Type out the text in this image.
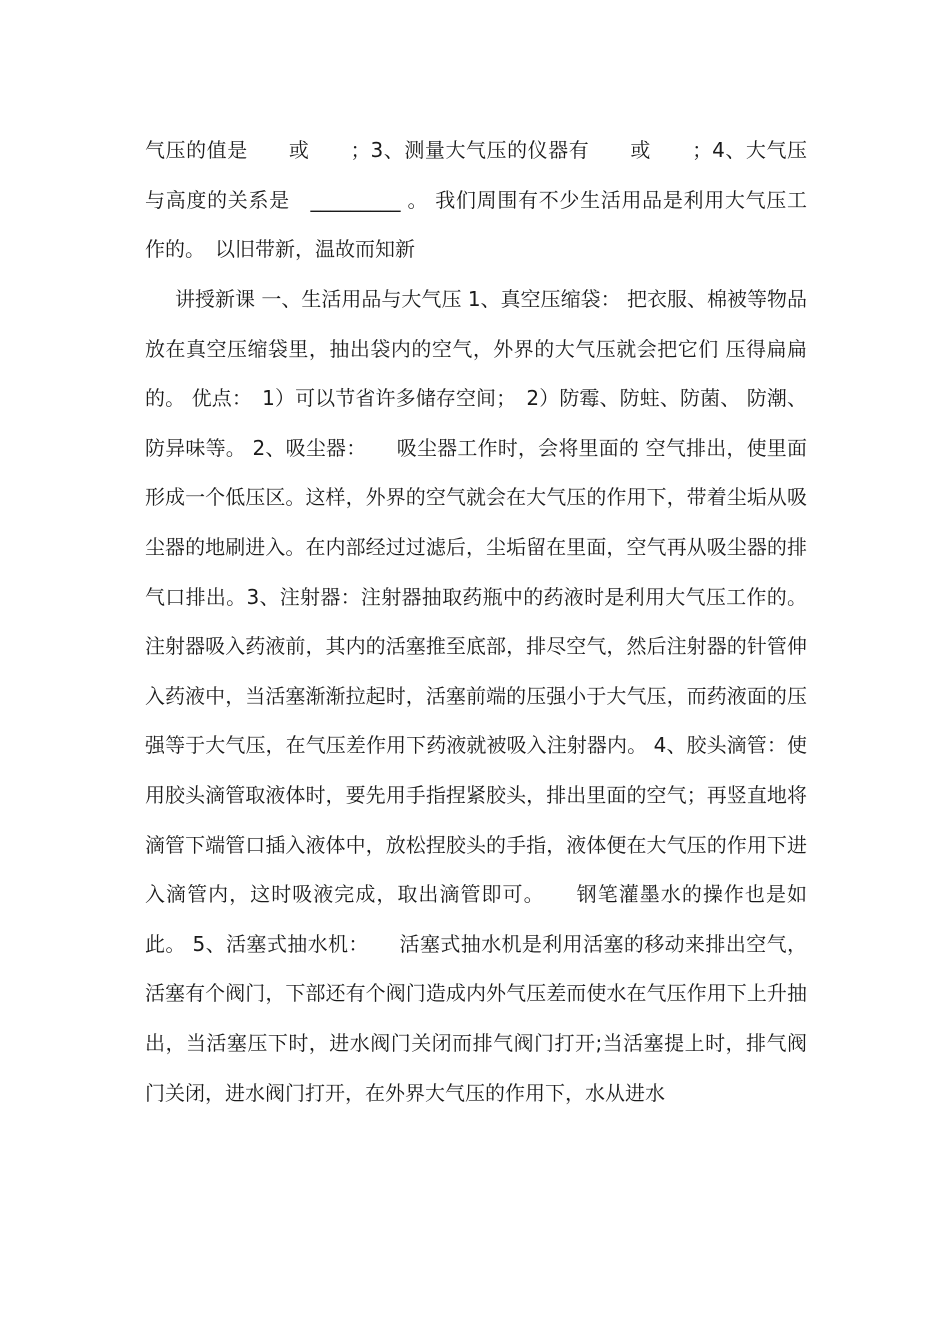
气压的值是　　或　　；3、测量大气压的仪器有　　或　　；4、大气压与高度的关系是　_________ 。 我们周围有不少生活用品是利用大气压工作的。　以旧带新，温故而知新

讲授新课 一、生活用品与大气压 1、真空压缩袋： 把衣服、棉被等物品放在真空压缩袋里，抽出袋内的空气，外界的大气压就会把它们 压得扁扁的。 优点：　1）可以节省许多储存空间；　2）防霉、防蛀、防菌、 防潮、防异味等。 2、吸尘器：　　吸尘器工作时，会将里面的 空气排出，使里面形成一个低压区。这样，外界的空气就会在大气压的作用下，带着尘垢从吸尘器的地刷进入。在内部经过过滤后，尘垢留在里面，空气再从吸尘器的排气口排出。3、注射器：注射器抽取药瓶中的药液时是利用大气压工作的。注射器吸入药液前，其内的活塞推至底部，排尽空气，然后注射器的针管伸入药液中，当活塞渐渐拉起时，活塞前端的压强小于大气压，而药液面的压强等于大气压，在气压差作用下药液就被吸入注射器内。 4、胶头滴管：使用胶头滴管取液体时，要先用手指捏紧胶头，排出里面的空气；再竖直地将滴管下端管口插入液体中，放松捏胶头的手指，液体便在大气压的作用下进入滴管内，这时吸液完成，取出滴管即可。　　钢笔灌墨水的操作也是如此。 5、活塞式抽水机：　　活塞式抽水机是利用活塞的移动来排出空气，活塞有个阀门，下部还有个阀门造成内外气压差而使水在气压作用下上升抽出，当活塞压下时，进水阀门关闭而排气阀门打开;当活塞提上时，排气阀门关闭，进水阀门打开，在外界大气压的作用下，水从进水
